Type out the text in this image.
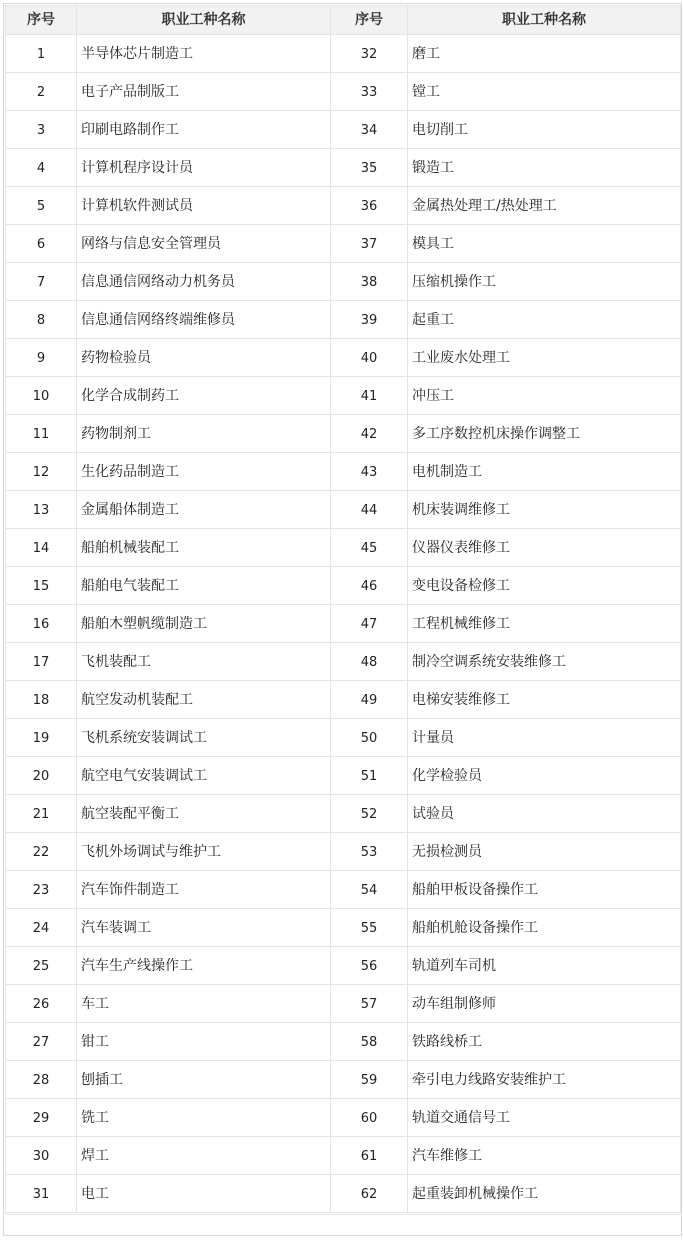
序号	职业工种名称	序号	职业工种名称
1	半导体芯片制造工	32	磨工
2	电子产品制版工	33	镗工
3	印刷电路制作工	34	电切削工
4	计算机程序设计员	35	锻造工
5	计算机软件测试员	36	金属热处理工/热处理工
6	网络与信息安全管理员	37	模具工
7	信息通信网络动力机务员	38	压缩机操作工
8	信息通信网络终端维修员	39	起重工
9	药物检验员	40	工业废水处理工
10	化学合成制药工	41	冲压工
11	药物制剂工	42	多工序数控机床操作调整工
12	生化药品制造工	43	电机制造工
13	金属船体制造工	44	机床装调维修工
14	船舶机械装配工	45	仪器仪表维修工
15	船舶电气装配工	46	变电设备检修工
16	船舶木塑帆缆制造工	47	工程机械维修工
17	飞机装配工	48	制冷空调系统安装维修工
18	航空发动机装配工	49	电梯安装维修工
19	飞机系统安装调试工	50	计量员
20	航空电气安装调试工	51	化学检验员
21	航空装配平衡工	52	试验员
22	飞机外场调试与维护工	53	无损检测员
23	汽车饰件制造工	54	船舶甲板设备操作工
24	汽车装调工	55	船舶机舱设备操作工
25	汽车生产线操作工	56	轨道列车司机
26	车工	57	动车组制修师
27	钳工	58	铁路线桥工
28	刨插工	59	牵引电力线路安装维护工
29	铣工	60	轨道交通信号工
30	焊工	61	汽车维修工
31	电工	62	起重装卸机械操作工
